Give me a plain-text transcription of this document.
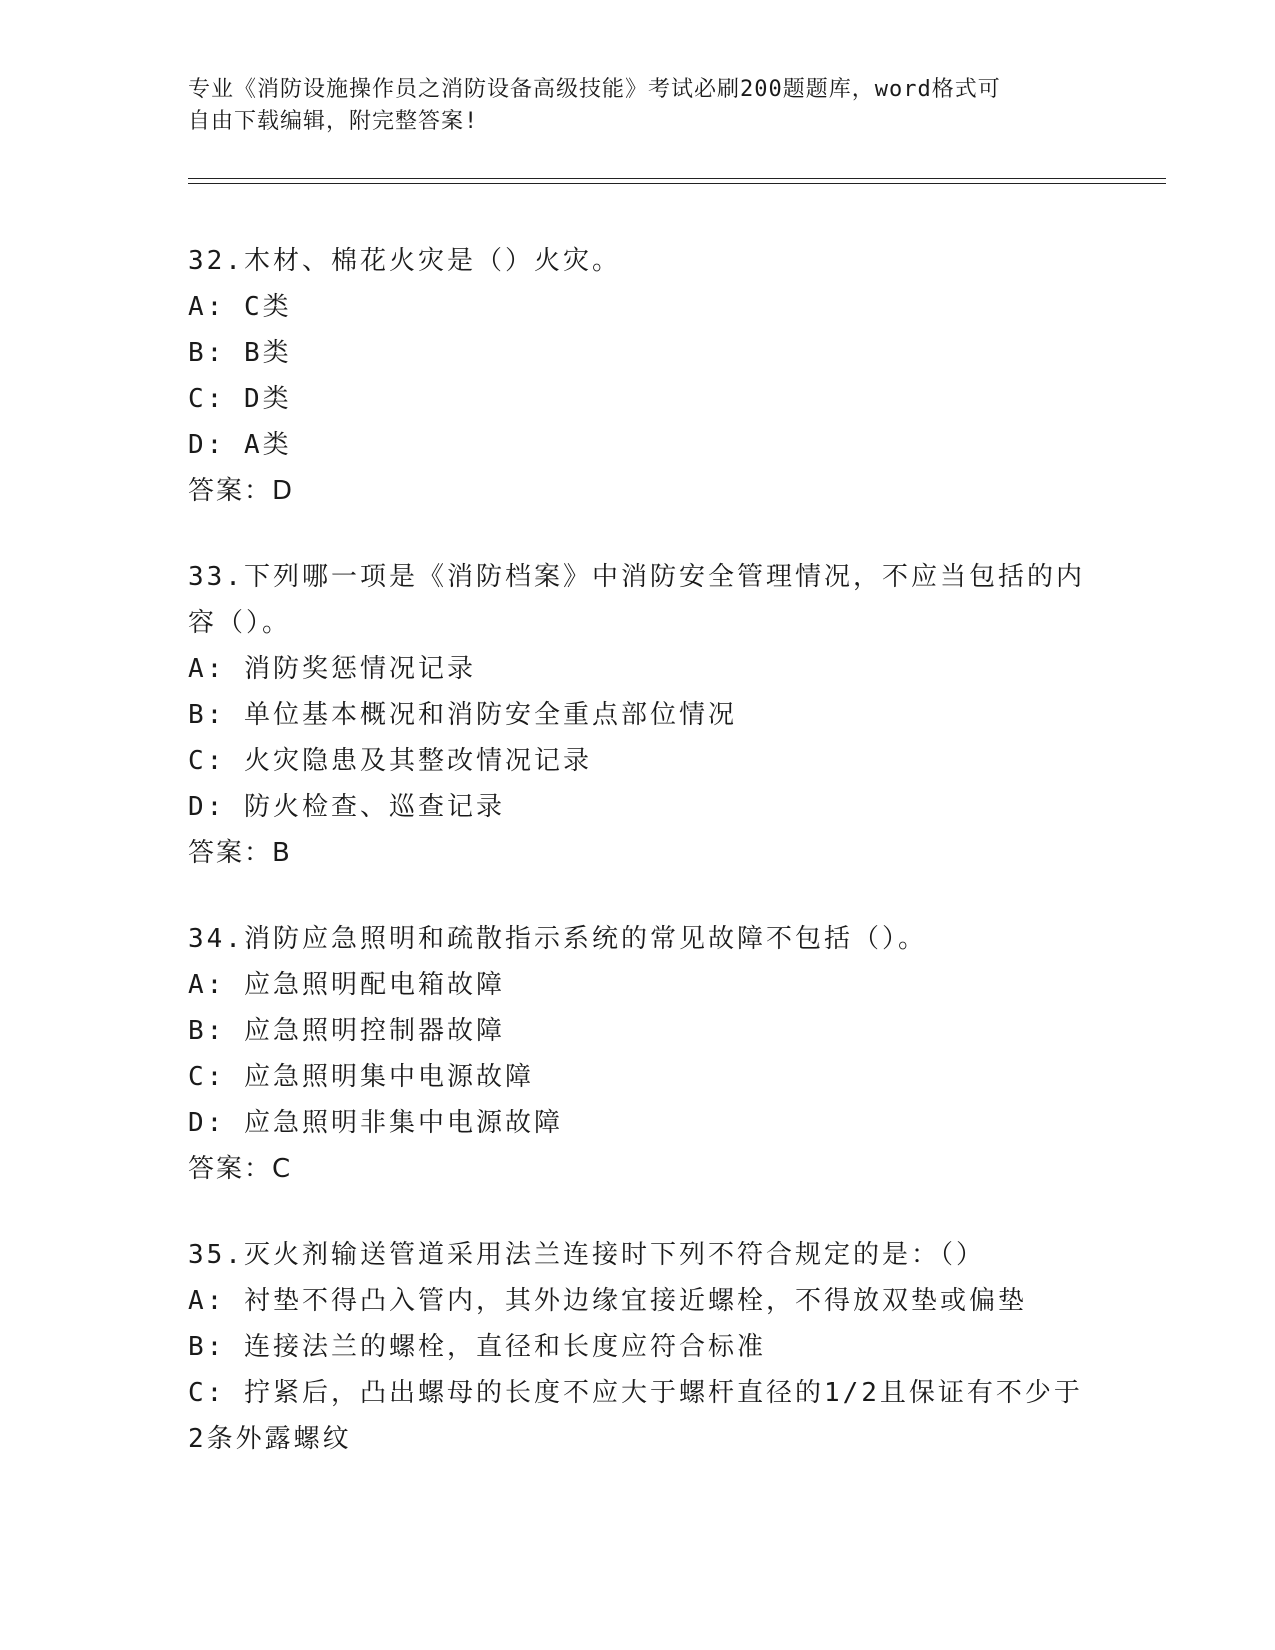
专业《消防设施操作员之消防设备高级技能》考试必刷200题题库，word格式可
自由下载编辑，附完整答案!
32.木材、棉花火灾是（）火灾。
A: C类
B: B类
C: D类
D: A类
答案：D
33.下列哪一项是《消防档案》中消防安全管理情况，不应当包括的内
容（）。
A: 消防奖惩情况记录
B: 单位基本概况和消防安全重点部位情况
C: 火灾隐患及其整改情况记录
D: 防火检查、巡查记录
答案：B
34.消防应急照明和疏散指示系统的常见故障不包括（）。
A: 应急照明配电箱故障
B: 应急照明控制器故障
C: 应急照明集中电源故障
D: 应急照明非集中电源故障
答案：C
35.灭火剂输送管道采用法兰连接时下列不符合规定的是：（）
A: 衬垫不得凸入管内，其外边缘宜接近螺栓，不得放双垫或偏垫
B: 连接法兰的螺栓，直径和长度应符合标准
C: 拧紧后，凸出螺母的长度不应大于螺杆直径的1/2且保证有不少于
2条外露螺纹
